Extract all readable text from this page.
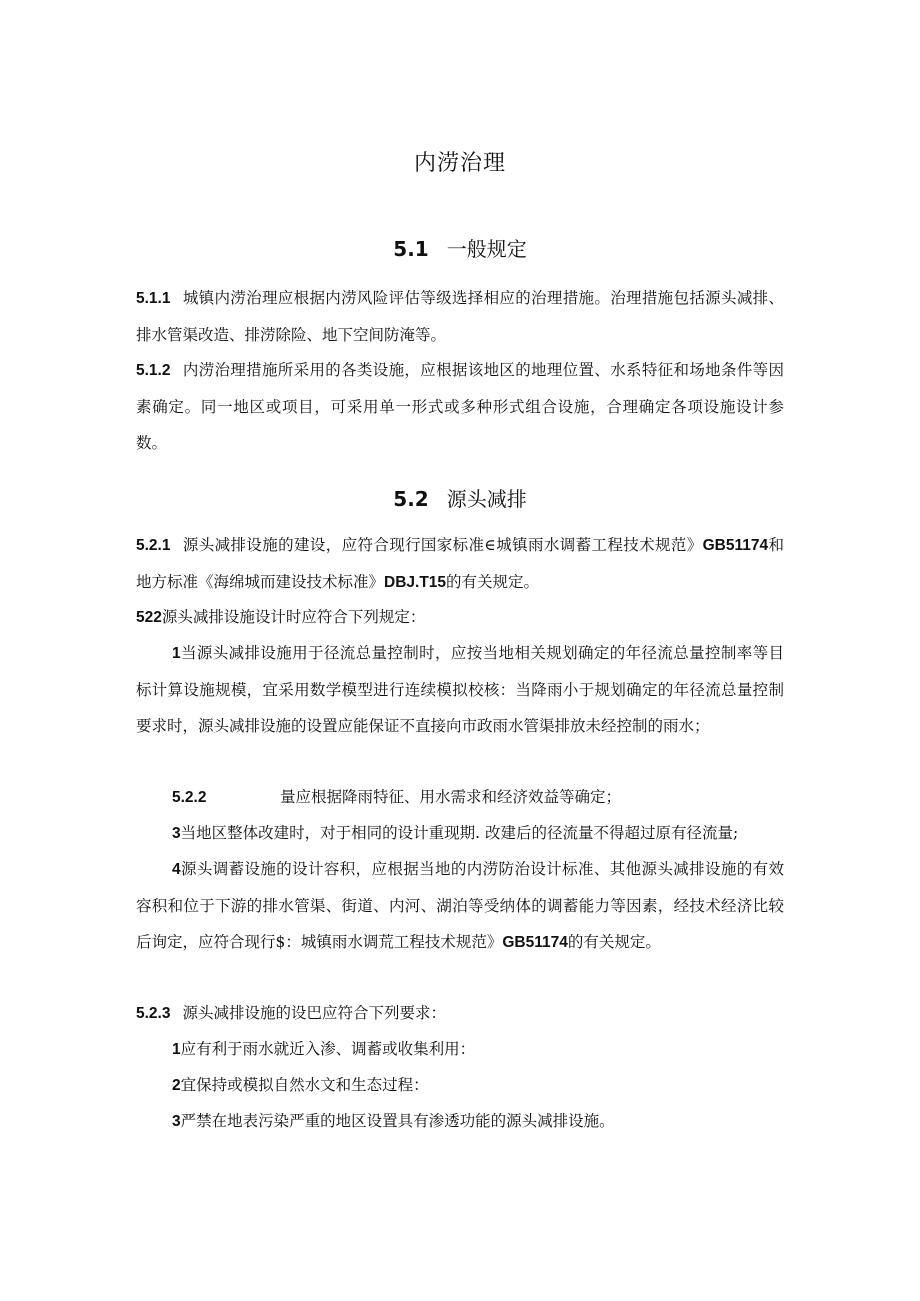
内涝治理
5.1 一般规定
5.1.1 城镇内涝治理应根据内涝风险评估等级选择相应的治理措施。治理措施包括源头减排、排水管渠改造、排涝除险、地下空间防淹等。
5.1.2 内涝治理措施所采用的各类设施，应根据该地区的地理位置、水系特征和场地条件等因素确定。同一地区或项目，可采用单一形式或多种形式组合设施，合理确定各项设施设计参数。
5.2 源头减排
5.2.1 源头减排设施的建设，应符合现行国家标准∈城镇雨水调蓄工程技术规范》GB51174和地方标准《海绵城而建设技术标准》DBJ.T15的有关规定。
522源头减排设施设计时应符合下列规定：
1当源头减排设施用于径流总量控制时，应按当地相关规划确定的年径流总量控制率等目标计算设施规模，宜采用数学模型进行连续模拟校核：当降雨小于规划确定的年径流总量控制要求时，源头减排设施的设置应能保证不直接向市政雨水管渠排放未经控制的雨水；
5.2.2	量应根据降雨特征、用水需求和经济效益等确定；
3当地区整体改建时，对于相同的设计重现期. 改建后的径流量不得超过原有径流量;
4源头调蓄设施的设计容积，应根据当地的内涝防治设计标准、其他源头减排设施的有效容积和位于下游的排水管渠、街道、内河、湖泊等受纳体的调蓄能力等因素，经技术经济比较后询定，应符合现行$：城镇雨水调荒工程技术规范》GB51174的有关规定。
5.2.3 源头减排设施的设巴应符合下列要求：
1应有利于雨水就近入渗、调蓄或收集利用：
2宜保持或模拟自然水文和生态过程：
3严禁在地表污染严重的地区设置具有渗透功能的源头减排设施。
